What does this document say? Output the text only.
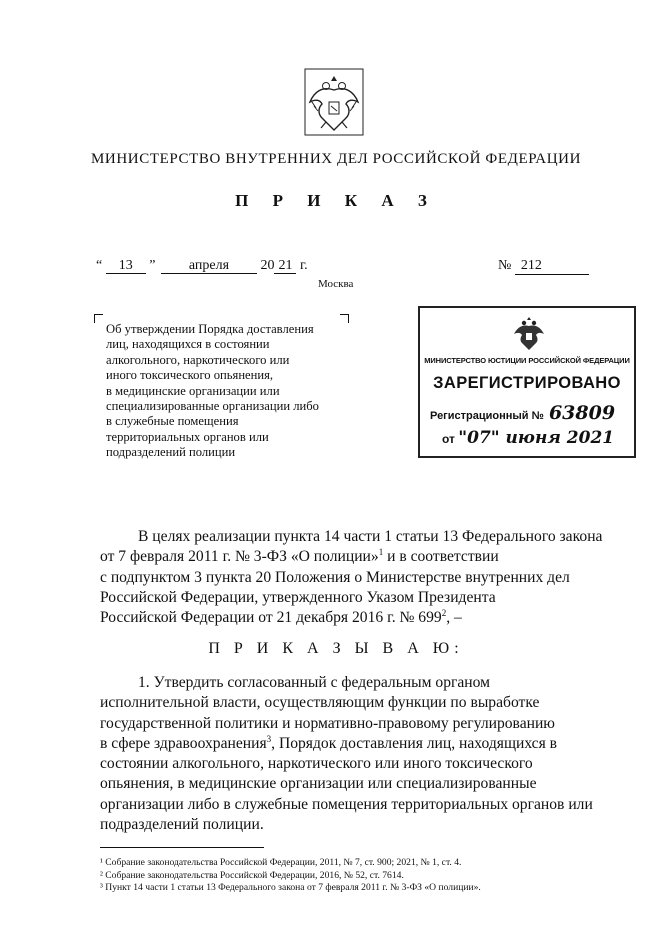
МИНИСТЕРСТВО ВНУТРЕННИХ ДЕЛ РОССИЙСКОЙ ФЕДЕРАЦИИ
П Р И К А З
“ 13 ” апреля 20 21 г.	№ 212
Москва
Об утверждении Порядка доставления
лиц, находящихся в состоянии
алкогольного, наркотического или
иного токсического опьянения,
в медицинские организации или
специализированные организации либо
в служебные помещения
территориальных органов или
подразделений полиции
МИНИСТЕРСТВО ЮСТИЦИИ РОССИЙСКОЙ ФЕДЕРАЦИИ
ЗАРЕГИСТРИРОВАНО
Регистрационный № 63809
от "07" июня 2021
В целях реализации пункта 14 части 1 статьи 13 Федерального закона
от 7 февраля 2011 г. № 3-ФЗ «О полиции»$^1$ и в соответствии
с подпунктом 3 пункта 20 Положения о Министерстве внутренних дел
Российской Федерации, утвержденного Указом Президента
Российской Федерации от 21 декабря 2016 г. № $699^2$, –
П Р И К А З Ы В А Ю:
1. Утвердить согласованный с федеральным органом
исполнительной власти, осуществляющим функции по выработке
государственной политики и нормативно-правовому регулированию
в сфере здравоохранения$^3$, Порядок доставления лиц, находящихся в
состоянии алкогольного, наркотического или иного токсического
опьянения, в медицинские организации или специализированные
организации либо в служебные помещения территориальных органов или
подразделений полиции.
¹ Собрание законодательства Российской Федерации, 2011, № 7, ст. 900; 2021, № 1, ст. 4.
² Собрание законодательства Российской Федерации, 2016, № 52, ст. 7614.
³ Пункт 14 части 1 статьи 13 Федерального закона от 7 февраля 2011 г. № 3-ФЗ «О полиции».
